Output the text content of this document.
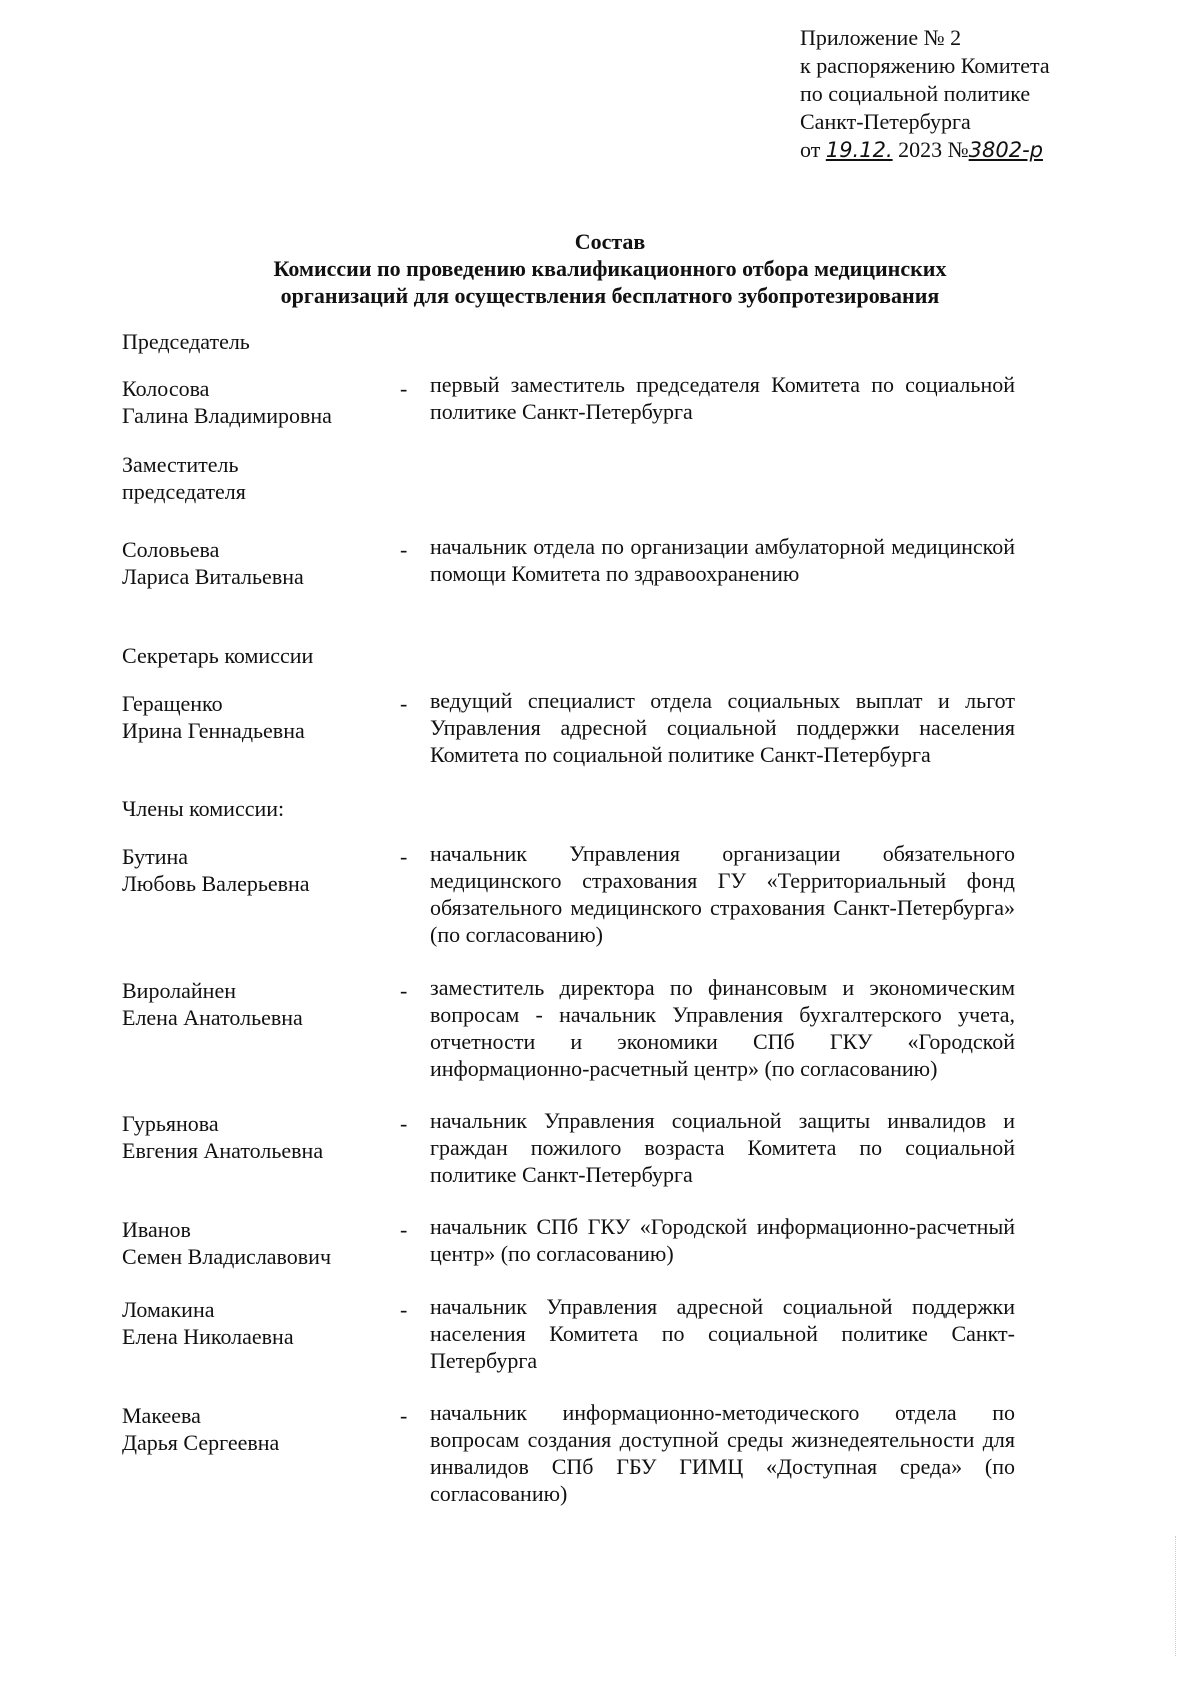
Приложение № 2
к распоряжению Комитета
по социальной политике
Санкт-Петербурга
от 19.12. 2023 №3802-р
Состав
Комиссии по проведению квалификационного отбора медицинских
организаций для осуществления бесплатного зубопротезирования
Председатель
Колосова
Галина Владимировна
- первый заместитель председателя Комитета по социальной политике Санкт-Петербурга
Заместитель
председателя
Соловьева
Лариса Витальевна
- начальник отдела по организации амбулаторной медицинской помощи Комитета по здравоохранению
Секретарь комиссии
Геращенко
Ирина Геннадьевна
- ведущий специалист отдела социальных выплат и льгот Управления адресной социальной поддержки населения Комитета по социальной политике Санкт-Петербурга
Члены комиссии:
Бутина
Любовь Валерьевна
- начальник Управления организации обязательного медицинского страхования ГУ «Территориальный фонд обязательного медицинского страхования Санкт-Петербурга» (по согласованию)
Виролайнен
Елена Анатольевна
- заместитель директора по финансовым и экономическим вопросам - начальник Управления бухгалтерского учета, отчетности и экономики СПб ГКУ «Городской информационно-расчетный центр» (по согласованию)
Гурьянова
Евгения Анатольевна
- начальник Управления социальной защиты инвалидов и граждан пожилого возраста Комитета по социальной политике Санкт-Петербурга
Иванов
Семен Владиславович
- начальник СПб ГКУ «Городской информационно-расчетный центр» (по согласованию)
Ломакина
Елена Николаевна
- начальник Управления адресной социальной поддержки населения Комитета по социальной политике Санкт-Петербурга
Макеева
Дарья Сергеевна
- начальник информационно-методического отдела по вопросам создания доступной среды жизнедеятельности для инвалидов СПб ГБУ ГИМЦ «Доступная среда» (по согласованию)
